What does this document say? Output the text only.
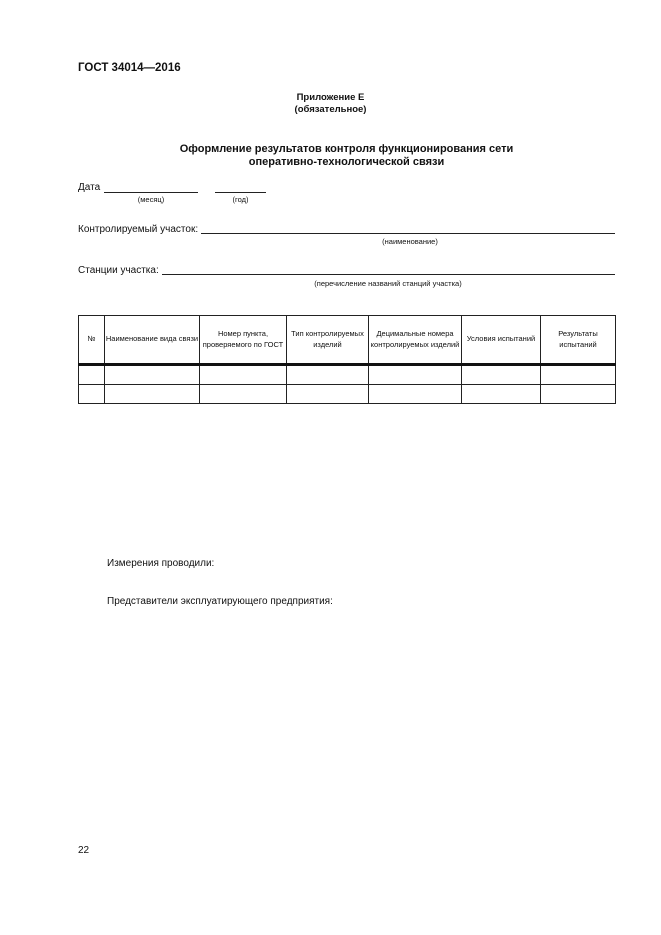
ГОСТ 34014—2016
Приложение Е
(обязательное)
Оформление результатов контроля функционирования сети
оперативно-технологической связи
Дата
(месяц)	(год)
Контролируемый участок:
(наименование)
Станции участка:
(перечисление названий станций участка)
№	Наименование вида связи	Номер пункта, проверяемого по ГОСТ	Тип контролируемых изделий	Децимальные номера контролируемых изделий	Условия испытаний	Результаты испытаний

Измерения проводили:
Представители эксплуатирующего предприятия:
22
